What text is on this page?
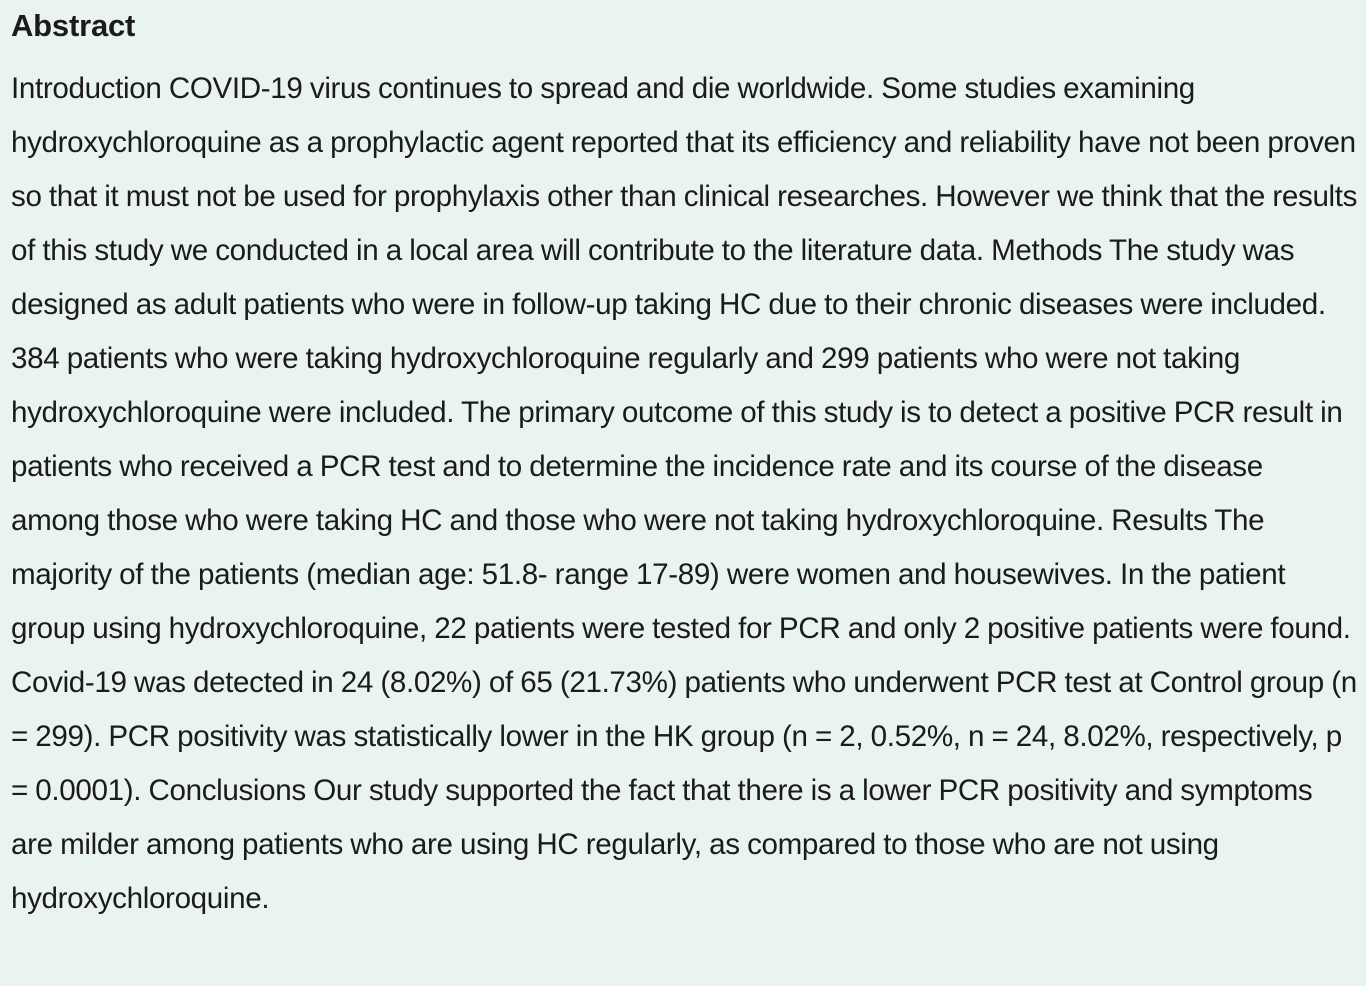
Abstract

Introduction COVID-19 virus continues to spread and die worldwide. Some studies examining hydroxychloroquine as a prophylactic agent reported that its efficiency and reliability have not been proven so that it must not be used for prophylaxis other than clinical researches. However we think that the results of this study we conducted in a local area will contribute to the literature data. Methods The study was designed as adult patients who were in follow-up taking HC due to their chronic diseases were included. 384 patients who were taking hydroxychloroquine regularly and 299 patients who were not taking hydroxychloroquine were included. The primary outcome of this study is to detect a positive PCR result in patients who received a PCR test and to determine the incidence rate and its course of the disease among those who were taking HC and those who were not taking hydroxychloroquine. Results The majority of the patients (median age: 51.8- range 17-89) were women and housewives. In the patient group using hydroxychloroquine, 22 patients were tested for PCR and only 2 positive patients were found. Covid-19 was detected in 24 (8.02%) of 65 (21.73%) patients who underwent PCR test at Control group (n = 299). PCR positivity was statistically lower in the HK group (n = 2, 0.52%, n = 24, 8.02%, respectively, p = 0.0001). Conclusions Our study supported the fact that there is a lower PCR positivity and symptoms are milder among patients who are using HC regularly, as compared to those who are not using hydroxychloroquine.
